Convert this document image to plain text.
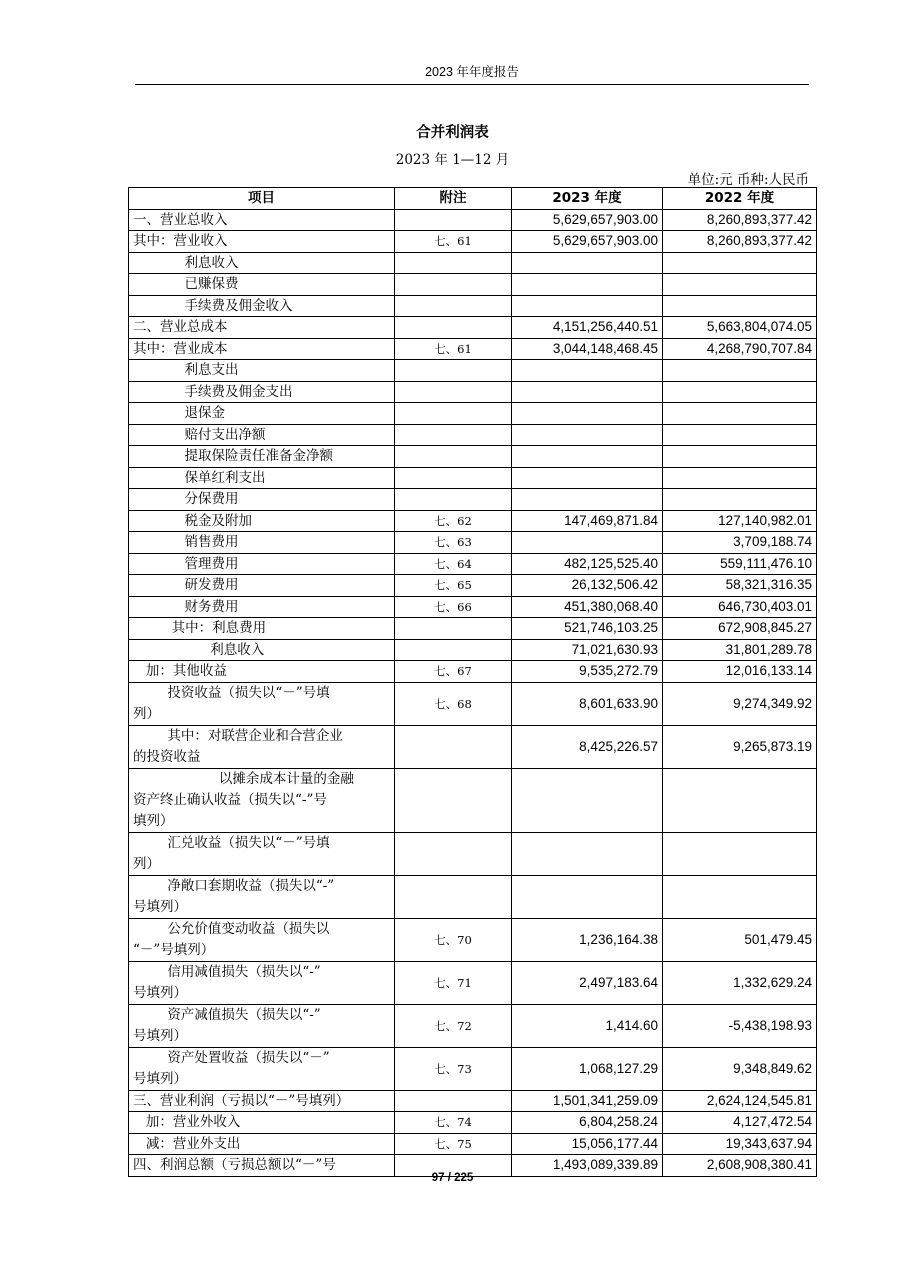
2023 年年度报告
合并利润表
2023 年 1—12 月
单位:元 币种:人民币
项目	附注	2023 年度	2022 年度
一、营业总收入		5,629,657,903.00	8,260,893,377.42
其中：营业收入	七、61	5,629,657,903.00	8,260,893,377.42
利息收入			
已赚保费			
手续费及佣金收入			
二、营业总成本		4,151,256,440.51	5,663,804,074.05
其中：营业成本	七、61	3,044,148,468.45	4,268,790,707.84
利息支出			
手续费及佣金支出			
退保金			
赔付支出净额			
提取保险责任准备金净额			
保单红利支出			
分保费用			
税金及附加	七、62	147,469,871.84	127,140,982.01
销售费用	七、63		3,709,188.74
管理费用	七、64	482,125,525.40	559,111,476.10
研发费用	七、65	26,132,506.42	58,321,316.35
财务费用	七、66	451,380,068.40	646,730,403.01
其中：利息费用		521,746,103.25	672,908,845.27
利息收入		71,021,630.93	31,801,289.78
加：其他收益	七、67	9,535,272.79	12,016,133.14
投资收益（损失以“－”号填
列）	七、68	8,601,633.90	9,274,349.92
其中：对联营企业和合营企业
的投资收益		8,425,226.57	9,265,873.19
以摊余成本计量的金融
资产终止确认收益（损失以“-”号
填列）			
汇兑收益（损失以“－”号填
列）			
净敞口套期收益（损失以“-”
号填列）			
公允价值变动收益（损失以
“－”号填列）	七、70	1,236,164.38	501,479.45
信用减值损失（损失以“-”
号填列）	七、71	2,497,183.64	1,332,629.24
资产减值损失（损失以“-”
号填列）	七、72	1,414.60	-5,438,198.93
资产处置收益（损失以“－”
号填列）	七、73	1,068,127.29	9,348,849.62
三、营业利润（亏损以“－”号填列）		1,501,341,259.09	2,624,124,545.81
加：营业外收入	七、74	6,804,258.24	4,127,472.54
减：营业外支出	七、75	15,056,177.44	19,343,637.94
四、利润总额（亏损总额以“－”号		1,493,089,339.89	2,608,908,380.41
97 / 225
